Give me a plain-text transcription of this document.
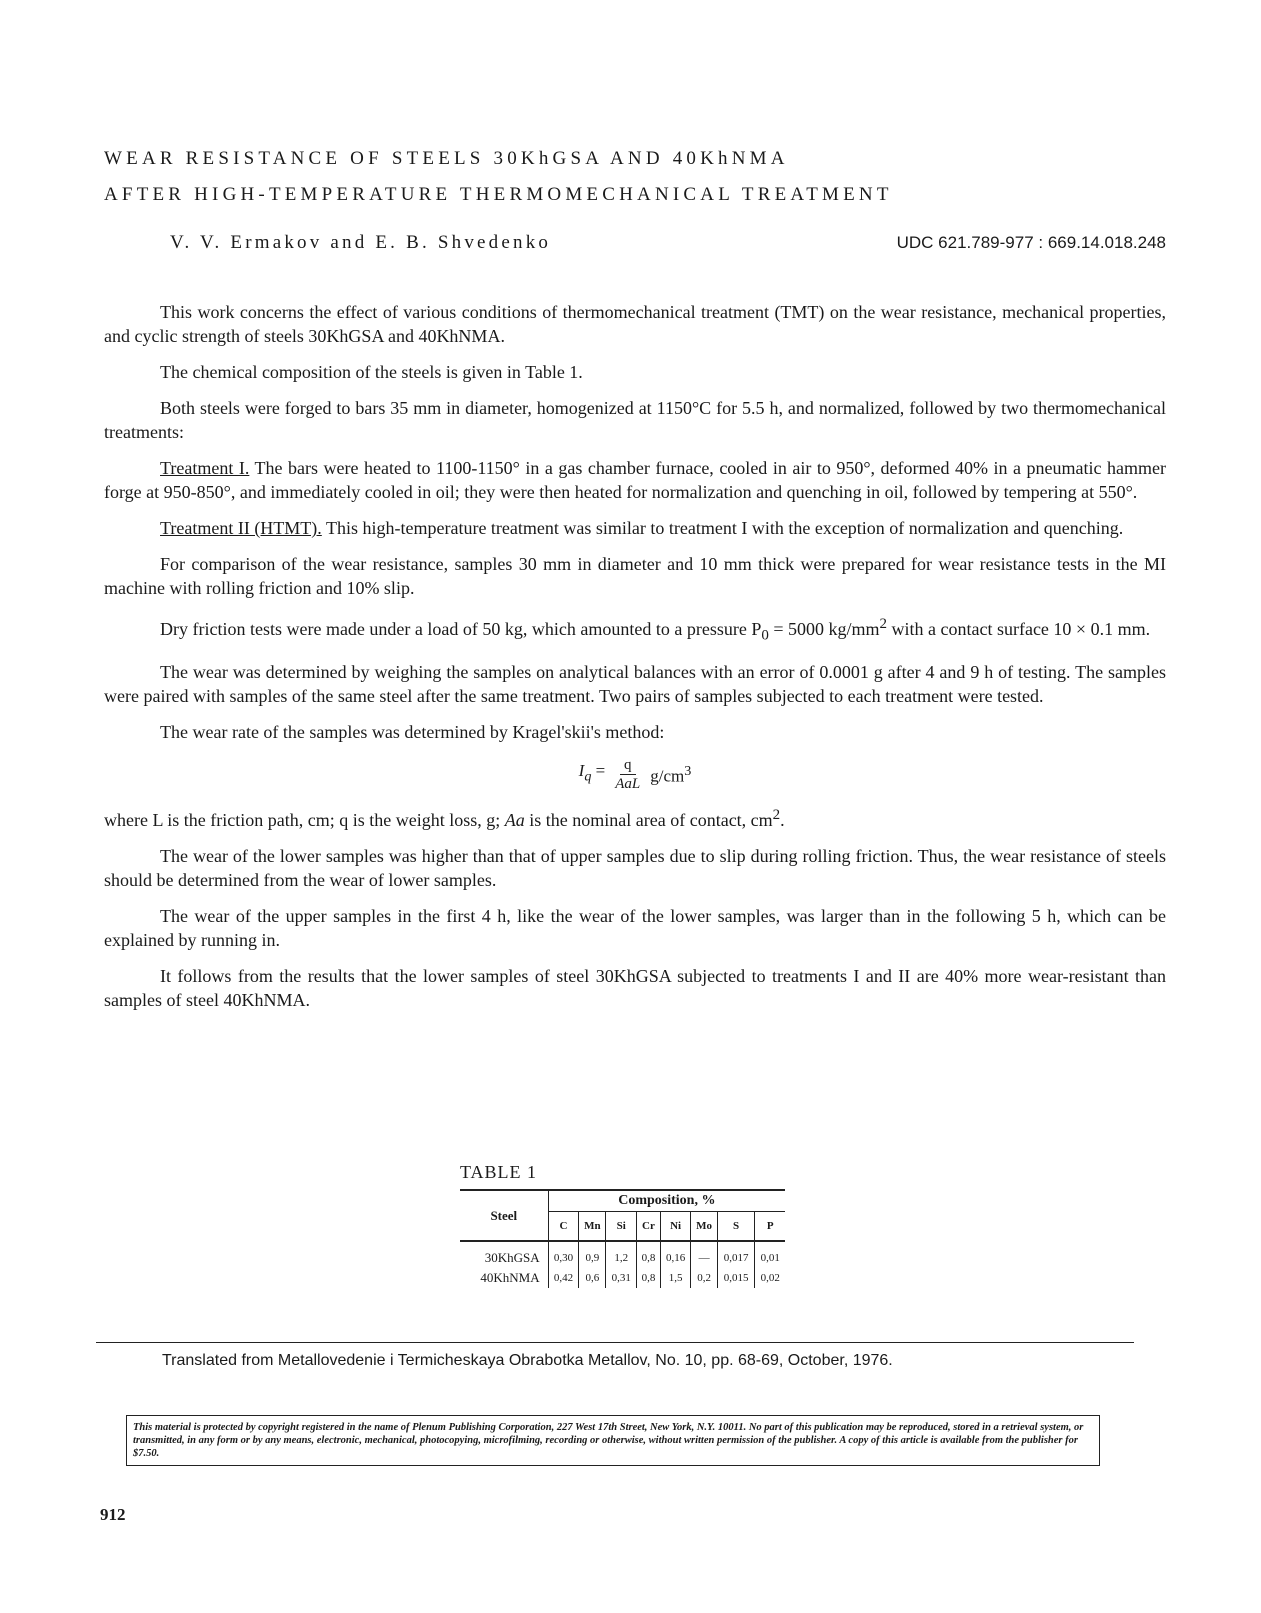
WEAR RESISTANCE OF STEELS 30KhGSA AND 40KhNMA
AFTER HIGH-TEMPERATURE THERMOMECHANICAL TREATMENT
V. V. Ermakov and E. B. Shvedenko	UDC 621.789-977 : 669.14.018.248

This work concerns the effect of various conditions of thermomechanical treatment (TMT) on the wear resistance, mechanical properties, and cyclic strength of steels 30KhGSA and 40KhNMA.

The chemical composition of the steels is given in Table 1.

Both steels were forged to bars 35 mm in diameter, homogenized at 1150°C for 5.5 h, and normalized, followed by two thermomechanical treatments:

Treatment I. The bars were heated to 1100-1150° in a gas chamber furnace, cooled in air to 950°, deformed 40% in a pneumatic hammer forge at 950-850°, and immediately cooled in oil; they were then heated for normalization and quenching in oil, followed by tempering at 550°.

Treatment II (HTMT). This high-temperature treatment was similar to treatment I with the exception of normalization and quenching.

For comparison of the wear resistance, samples 30 mm in diameter and 10 mm thick were prepared for wear resistance tests in the MI machine with rolling friction and 10% slip.

Dry friction tests were made under a load of 50 kg, which amounted to a pressure $P_0 = 5000$ $kg/mm^2$ with a contact surface 10 × 0.1 mm.

The wear was determined by weighing the samples on analytical balances with an error of 0.0001 g after 4 and 9 h of testing. The samples were paired with samples of the same steel after the same treatment. Two pairs of samples subjected to each treatment were tested.

The wear rate of the samples was determined by Kragel'skii's method:

$I_q = \frac{q}{\text{AaL}} g/cm^3$

where L is the friction path, cm; q is the weight loss, g; Aa is the nominal area of contact, $cm^2$.

The wear of the lower samples was higher than that of upper samples due to slip during rolling friction. Thus, the wear resistance of steels should be determined from the wear of lower samples.

The wear of the upper samples in the first 4 h, like the wear of the lower samples, was larger than in the following 5 h, which can be explained by running in.

It follows from the results that the lower samples of steel 30KhGSA subjected to treatments I and II are 40% more wear-resistant than samples of steel 40KhNMA.

TABLE 1
Steel	Composition, %							
	C	Mn	Si	Cr	Ni	Mo	S	P
30KhGSA	0,30	0,9	1,2	0,8	0,16	—	0,017	0,01
40KhNMA	0,42	0,6	0,31	0,8	1,5	0,2	0,015	0,02
Translated from Metallovedenie i Termicheskaya Obrabotka Metallov, No. 10, pp. 68-69, October, 1976.
This material is protected by copyright registered in the name of Plenum Publishing Corporation, 227 West 17th Street, New York, N.Y. 10011. No part of this publication may be reproduced, stored in a retrieval system, or transmitted, in any form or by any means, electronic, mechanical, photocopying, microfilming, recording or otherwise, without written permission of the publisher. A copy of this article is available from the publisher for $7.50.
912
